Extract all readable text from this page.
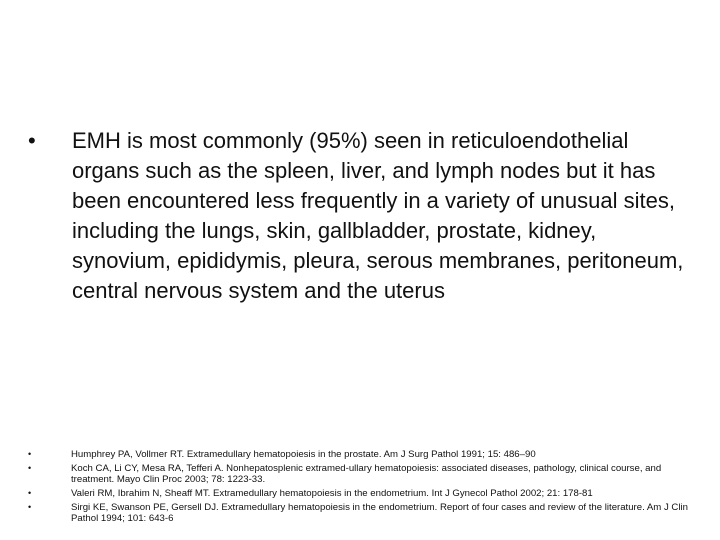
•	EMH is most commonly (95%) seen in reticuloendothelial organs such as the spleen, liver, and lymph nodes but it has been encountered less frequently in a variety of unusual sites, including the lungs, skin, gallbladder, prostate, kidney, synovium, epididymis, pleura, serous membranes, peritoneum, central nervous system and the uterus
•	Humphrey PA, Vollmer RT. Extramedullary hematopoiesis in the prostate. Am J Surg Pathol 1991; 15: 486–90
•	Koch CA, Li CY, Mesa RA, Tefferi A. Nonhepatosplenic extramed-ullary hematopoiesis: associated diseases, pathology, clinical course, and treatment. Mayo Clin Proc 2003; 78: 1223-33.
•	Valeri RM, Ibrahim N, Sheaff MT. Extramedullary hematopoiesis in the endometrium. Int J Gynecol Pathol 2002; 21: 178-81
•	Sirgi KE, Swanson PE, Gersell DJ. Extramedullary hematopoiesis in the endometrium. Report of four cases and review of the literature. Am J Clin Pathol 1994; 101: 643-6
